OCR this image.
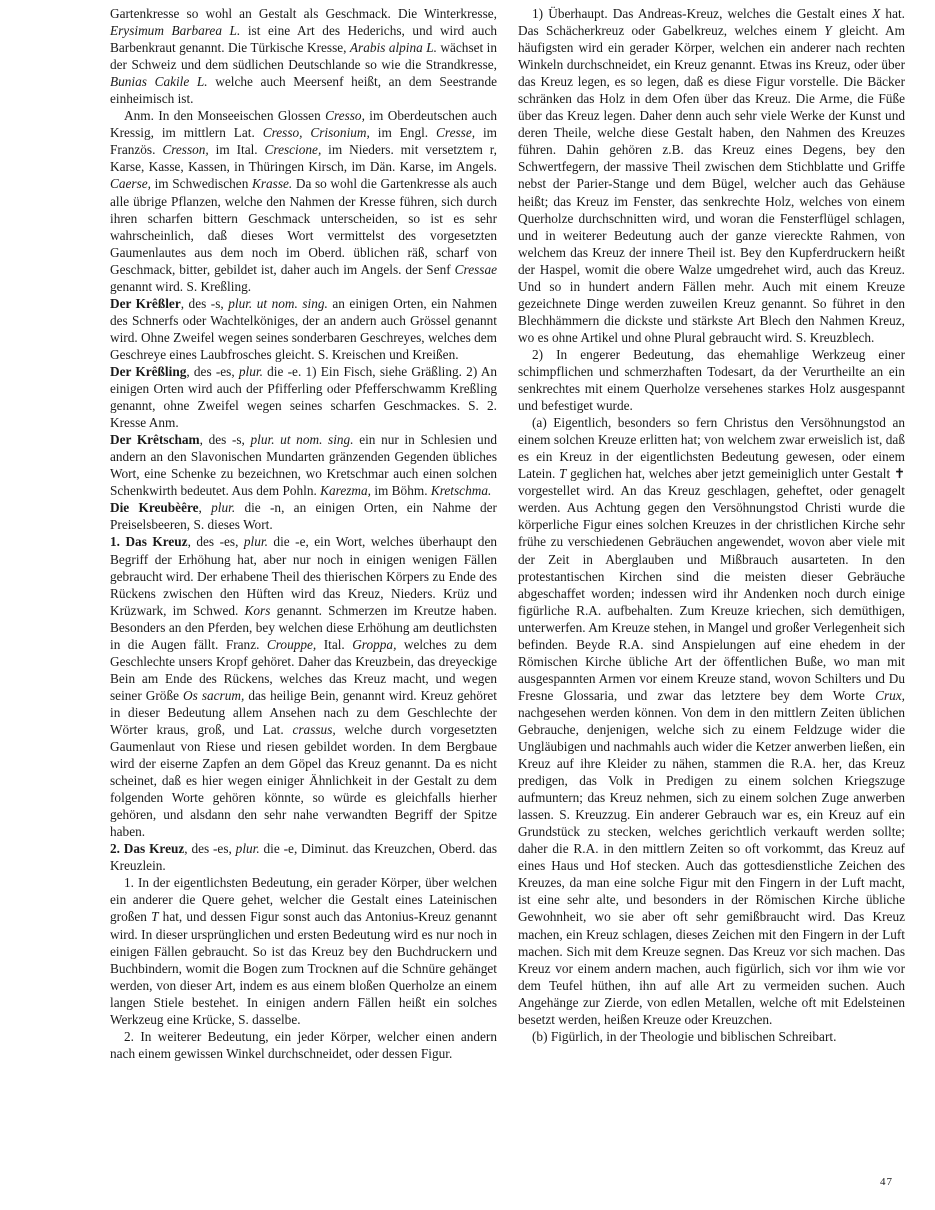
Gartenkresse so wohl an Gestalt als Geschmack. Die Winterkresse, Erysimum Barbarea L. ist eine Art des Hederichs, und wird auch Barbenkraut genannt. Die Türkische Kresse, Arabis alpina L. wächset in der Schweiz und dem südlichen Deutschlande so wie die Strandkresse, Bunias Cakile L. welche auch Meersenf heißt, an dem Seestrande einheimisch ist.

Anm. In den Monseeischen Glossen Cresso, im Oberdeutschen auch Kressig, im mittlern Lat. Cresso, Crisonium, im Engl. Cresse, im Französ. Cresson, im Ital. Crescione, im Nieders. mit versetztem r, Karse, Kasse, Kassen, in Thüringen Kirsch, im Dän. Karse, im Angels. Caerse, im Schwedischen Krasse. Da so wohl die Gartenkresse als auch alle übrige Pflanzen, welche den Nahmen der Kresse führen, sich durch ihren scharfen bittern Geschmack unterscheiden, so ist es sehr wahrscheinlich, daß dieses Wort vermittelst des vorgesetzten Gaumenlautes aus dem noch im Oberd. üblichen räß, scharf von Geschmack, bitter, gebildet ist, daher auch im Angels. der Senf Cressae genannt wird. S. Kreßling.

Der Krêßler, des -s, plur. ut nom. sing. an einigen Orten, ein Nahmen des Schnerfs oder Wachtelköniges, der an andern auch Grössel genannt wird. Ohne Zweifel wegen seines sonderbaren Geschreyes, welches dem Geschreye eines Laubfrosches gleicht. S. Kreischen und Kreißen.

Der Krêßling, des -es, plur. die -e. 1) Ein Fisch, siehe Gräßling. 2) An einigen Orten wird auch der Pfifferling oder Pfefferschwamm Kreßling genannt, ohne Zweifel wegen seines scharfen Geschmackes. S. 2. Kresse Anm.

Der Krêtscham, des -s, plur. ut nom. sing. ein nur in Schlesien und andern an den Slavonischen Mundarten gränzenden Gegenden übliches Wort, eine Schenke zu bezeichnen, wo Kretschmar auch einen solchen Schenkwirth bedeutet. Aus dem Pohln. Karezma, im Böhm. Kretschma.

Die Kreubèêre, plur. die -n, an einigen Orten, ein Nahme der Preiselsbeeren, S. dieses Wort.

1. Das Kreuz, des -es, plur. die -e, ein Wort, welches überhaupt den Begriff der Erhöhung hat, aber nur noch in einigen wenigen Fällen gebraucht wird. Der erhabene Theil des thierischen Körpers zu Ende des Rückens zwischen den Hüften wird das Kreuz, Nieders. Krüz und Krüzwark, im Schwed. Kors genannt. Schmerzen im Kreutze haben. Besonders an den Pferden, bey welchen diese Erhöhung am deutlichsten in die Augen fällt. Franz. Crouppe, Ital. Groppa, welches zu dem Geschlechte unsers Kropf gehöret. Daher das Kreuzbein, das dreyeckige Bein am Ende des Rückens, welches das Kreuz macht, und wegen seiner Größe Os sacrum, das heilige Bein, genannt wird. Kreuz gehöret in dieser Bedeutung allem Ansehen nach zu dem Geschlechte der Wörter kraus, groß, und Lat. crassus, welche durch vorgesetzten Gaumenlaut von Riese und riesen gebildet worden. In dem Bergbaue wird der eiserne Zapfen an dem Göpel das Kreuz genannt. Da es nicht scheinet, daß es hier wegen einiger Ähnlichkeit in der Gestalt zu dem folgenden Worte gehören könnte, so würde es gleichfalls hierher gehören, und alsdann den sehr nahe verwandten Begriff der Spitze haben.

2. Das Kreuz, des -es, plur. die -e, Diminut. das Kreuzchen, Oberd. das Kreuzlein.

1. In der eigentlichsten Bedeutung, ein gerader Körper, über welchen ein anderer die Quere gehet, welcher die Gestalt eines Lateinischen großen T hat, und dessen Figur sonst auch das Antonius-Kreuz genannt wird. In dieser ursprünglichen und ersten Bedeutung wird es nur noch in einigen Fällen gebraucht. So ist das Kreuz bey den Buchdruckern und Buchbindern, womit die Bogen zum Trocknen auf die Schnüre gehänget werden, von dieser Art, indem es aus einem bloßen Querholze an einem langen Stiele bestehet. In einigen andern Fällen heißt ein solches Werkzeug eine Krücke, S. dasselbe.

2. In weiterer Bedeutung, ein jeder Körper, welcher einen andern nach einem gewissen Winkel durchschneidet, oder dessen Figur.

1) Überhaupt. Das Andreas-Kreuz, welches die Gestalt eines X hat. Das Schächerkreuz oder Gabelkreuz, welches einem Y gleicht. Am häufigsten wird ein gerader Körper, welchen ein anderer nach rechten Winkeln durchschneidet, ein Kreuz genannt. Etwas ins Kreuz, oder über das Kreuz legen, es so legen, daß es diese Figur vorstelle. Die Bäcker schränken das Holz in dem Ofen über das Kreuz. Die Arme, die Füße über das Kreuz legen. Daher denn auch sehr viele Werke der Kunst und deren Theile, welche diese Gestalt haben, den Nahmen des Kreuzes führen. Dahin gehören z.B. das Kreuz eines Degens, bey den Schwertfegern, der massive Theil zwischen dem Stichblatte und Griffe nebst der Parier-Stange und dem Bügel, welcher auch das Gehäuse heißt; das Kreuz im Fenster, das senkrechte Holz, welches von einem Querholze durchschnitten wird, und woran die Fensterflügel schlagen, und in weiterer Bedeutung auch der ganze viereckte Rahmen, von welchem das Kreuz der innere Theil ist. Bey den Kupferdruckern heißt der Haspel, womit die obere Walze umgedrehet wird, auch das Kreuz. Und so in hundert andern Fällen mehr. Auch mit einem Kreuze gezeichnete Dinge werden zuweilen Kreuz genannt. So führet in den Blechhämmern die dickste und stärkste Art Blech den Nahmen Kreuz, wo es ohne Artikel und ohne Plural gebraucht wird. S. Kreuzblech.

2) In engerer Bedeutung, das ehemahlige Werkzeug einer schimpflichen und schmerzhaften Todesart, da der Verurtheilte an ein senkrechtes mit einem Querholze versehenes starkes Holz ausgespannt und befestiget wurde.

(a) Eigentlich, besonders so fern Christus den Versöhnungstod an einem solchen Kreuze erlitten hat; von welchem zwar erweislich ist, daß es ein Kreuz in der eigentlichsten Bedeutung gewesen, oder einem Latein. T geglichen hat, welches aber jetzt gemeiniglich unter Gestalt ✝ vorgestellet wird. An das Kreuz geschlagen, geheftet, oder genagelt werden. Aus Achtung gegen den Versöhnungstod Christi wurde die körperliche Figur eines solchen Kreuzes in der christlichen Kirche sehr frühe zu verschiedenen Gebräuchen angewendet, wovon aber viele mit der Zeit in Aberglauben und Mißbrauch ausarteten. In den protestantischen Kirchen sind die meisten dieser Gebräuche abgeschaffet worden; indessen wird ihr Andenken noch durch einige figürliche R.A. aufbehalten. Zum Kreuze kriechen, sich demüthigen, unterwerfen. Am Kreuze stehen, in Mangel und großer Verlegenheit sich befinden. Beyde R.A. sind Anspielungen auf eine ehedem in der Römischen Kirche übliche Art der öffentlichen Buße, wo man mit ausgespannten Armen vor einem Kreuze stand, wovon Schilters und Du Fresne Glossaria, und zwar das letztere bey dem Worte Crux, nachgesehen werden können. Von dem in den mittlern Zeiten üblichen Gebrauche, denjenigen, welche sich zu einem Feldzuge wider die Ungläubigen und nachmahls auch wider die Ketzer anwerben ließen, ein Kreuz auf ihre Kleider zu nähen, stammen die R.A. her, das Kreuz predigen, das Volk in Predigen zu einem solchen Kriegszuge aufmuntern; das Kreuz nehmen, sich zu einem solchen Zuge anwerben lassen. S. Kreuzzug. Ein anderer Gebrauch war es, ein Kreuz auf ein Grundstück zu stecken, welches gerichtlich verkauft werden sollte; daher die R.A. in den mittlern Zeiten so oft vorkommt, das Kreuz auf eines Haus und Hof stecken. Auch das gottesdienstliche Zeichen des Kreuzes, da man eine solche Figur mit den Fingern in der Luft macht, ist eine sehr alte, und besonders in der Römischen Kirche übliche Gewohnheit, wo sie aber oft sehr gemißbraucht wird. Das Kreuz machen, ein Kreuz schlagen, dieses Zeichen mit den Fingern in der Luft machen. Sich mit dem Kreuze segnen. Das Kreuz vor sich machen. Das Kreuz vor einem andern machen, auch figürlich, sich vor ihm wie vor dem Teufel hüthen, ihn auf alle Art zu vermeiden suchen. Auch Angehänge zur Zierde, von edlen Metallen, welche oft mit Edelsteinen besetzt werden, heißen Kreuze oder Kreuzchen.

(b) Figürlich, in der Theologie und biblischen Schreibart.

47
